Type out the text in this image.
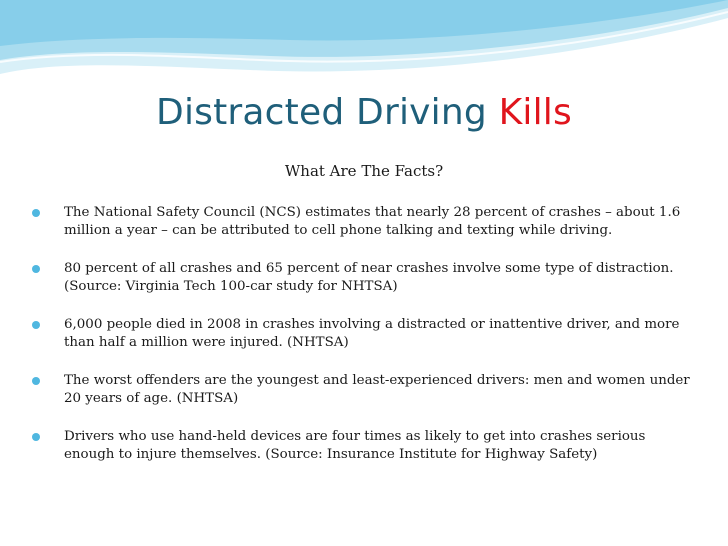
Distracted Driving Kills
What Are The Facts?
The National Safety Council (NCS) estimates that nearly 28 percent of crashes – about 1.6 million a year – can be attributed to cell phone talking and texting while driving.
80 percent of all crashes and 65 percent of near crashes involve some type of distraction. (Source: Virginia Tech 100-car study for NHTSA)
6,000 people died in 2008 in crashes involving a distracted or inattentive driver, and more than half a million were injured. (NHTSA)
The worst offenders are the youngest and least-experienced drivers: men and women under 20 years of age. (NHTSA)
Drivers who use hand-held devices are four times as likely to get into crashes serious enough to injure themselves. (Source: Insurance Institute for Highway Safety)
